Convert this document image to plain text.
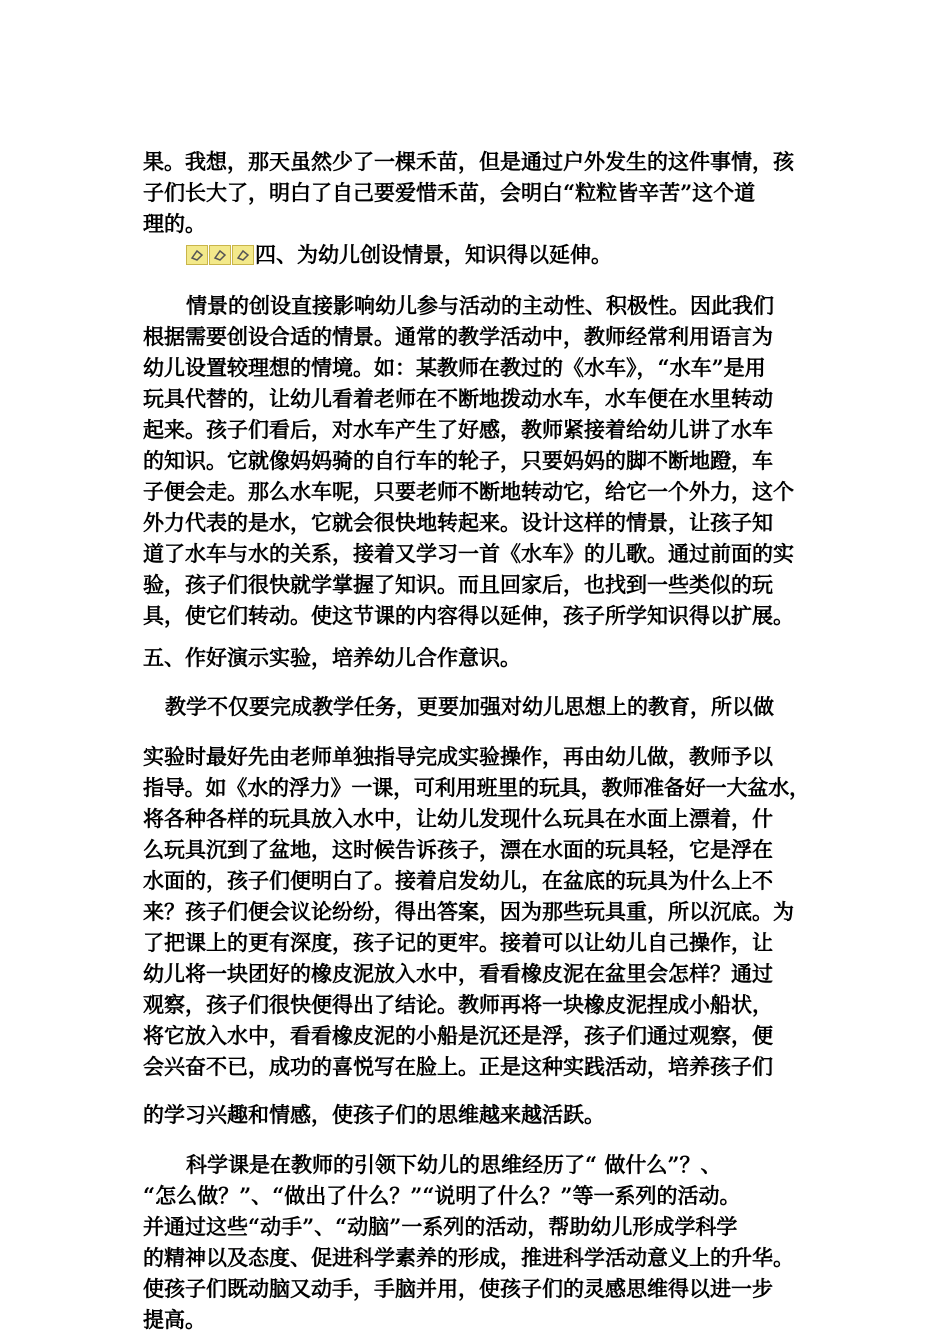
果。我想，那天虽然少了一棵禾苗，但是通过户外发生的这件事情，孩
子们长大了，明白了自己要爱惜禾苗，会明白“粒粒皆辛苦”这个道
理的。
四、为幼儿创设情景，知识得以延伸。
情景的创设直接影响幼儿参与活动的主动性、积极性。因此我们
根据需要创设合适的情景。通常的教学活动中，教师经常利用语言为
幼儿设置较理想的情境。如：某教师在教过的《水车》，“水车”是用
玩具代替的，让幼儿看着老师在不断地拨动水车，水车便在水里转动
起来。孩子们看后，对水车产生了好感，教师紧接着给幼儿讲了水车
的知识。它就像妈妈骑的自行车的轮子，只要妈妈的脚不断地蹬，车
子便会走。那么水车呢，只要老师不断地转动它，给它一个外力，这个
外力代表的是水，它就会很快地转起来。设计这样的情景，让孩子知
道了水车与水的关系，接着又学习一首《水车》的儿歌。通过前面的实
验，孩子们很快就学掌握了知识。而且回家后，也找到一些类似的玩
具，使它们转动。使这节课的内容得以延伸，孩子所学知识得以扩展。
五、作好演示实验，培养幼儿合作意识。
教学不仅要完成教学任务，更要加强对幼儿思想上的教育，所以做
实验时最好先由老师单独指导完成实验操作，再由幼儿做，教师予以
指导。如《水的浮力》一课，可利用班里的玩具，教师准备好一大盆水，
将各种各样的玩具放入水中，让幼儿发现什么玩具在水面上漂着，什
么玩具沉到了盆地，这时候告诉孩子，漂在水面的玩具轻，它是浮在
水面的，孩子们便明白了。接着启发幼儿，在盆底的玩具为什么上不
来？孩子们便会议论纷纷，得出答案，因为那些玩具重，所以沉底。为
了把课上的更有深度，孩子记的更牢。接着可以让幼儿自己操作，让
幼儿将一块团好的橡皮泥放入水中，看看橡皮泥在盆里会怎样？通过
观察，孩子们很快便得出了结论。教师再将一块橡皮泥捏成小船状，
将它放入水中，看看橡皮泥的小船是沉还是浮，孩子们通过观察，便
会兴奋不已，成功的喜悦写在脸上。正是这种实践活动，培养孩子们
的学习兴趣和情感，使孩子们的思维越来越活跃。
科学课是在教师的引领下幼儿的思维经历了“ 做什么”？、
“怎么做？”、“做出了什么？”“说明了什么？”等一系列的活动。
并通过这些“动手”、“动脑”一系列的活动，帮助幼儿形成学科学
的精神以及态度、促进科学素养的形成，推进科学活动意义上的升华。
使孩子们既动脑又动手，手脑并用，使孩子们的灵感思维得以进一步
提高。
